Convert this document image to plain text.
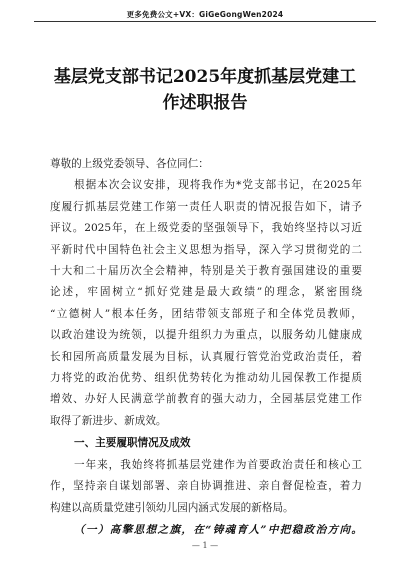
更多免费公文+VX：GiGeGongWen2024
基层党支部书记2025年度抓基层党建工
作述职报告
尊敬的上级党委领导、各位同仁：
根据本次会议安排，现将我作为*党支部书记，在2025年
度履行抓基层党建工作第一责任人职责的情况报告如下，请予
评议。2025年，在上级党委的坚强领导下，我始终坚持以习近
平新时代中国特色社会主义思想为指导，深入学习贯彻党的二
十大和二十届历次全会精神，特别是关于教育强国建设的重要
论述，牢固树立“抓好党建是最大政绩”的理念，紧密围绕
“立德树人”根本任务，团结带领支部班子和全体党员教师，
以政治建设为统领，以提升组织力为重点，以服务幼儿健康成
长和园所高质量发展为目标，认真履行管党治党政治责任，着
力将党的政治优势、组织优势转化为推动幼儿园保教工作提质
增效、办好人民满意学前教育的强大动力，全园基层党建工作
取得了新进步、新成效。
一、主要履职情况及成效
一年来，我始终将抓基层党建作为首要政治责任和核心工
作，坚持亲自谋划部署、亲自协调推进、亲自督促检查，着力
构建以高质量党建引领幼儿园内涵式发展的新格局。
（一）高擎思想之旗，在“铸魂育人”中把稳政治方向。
— 1 —
